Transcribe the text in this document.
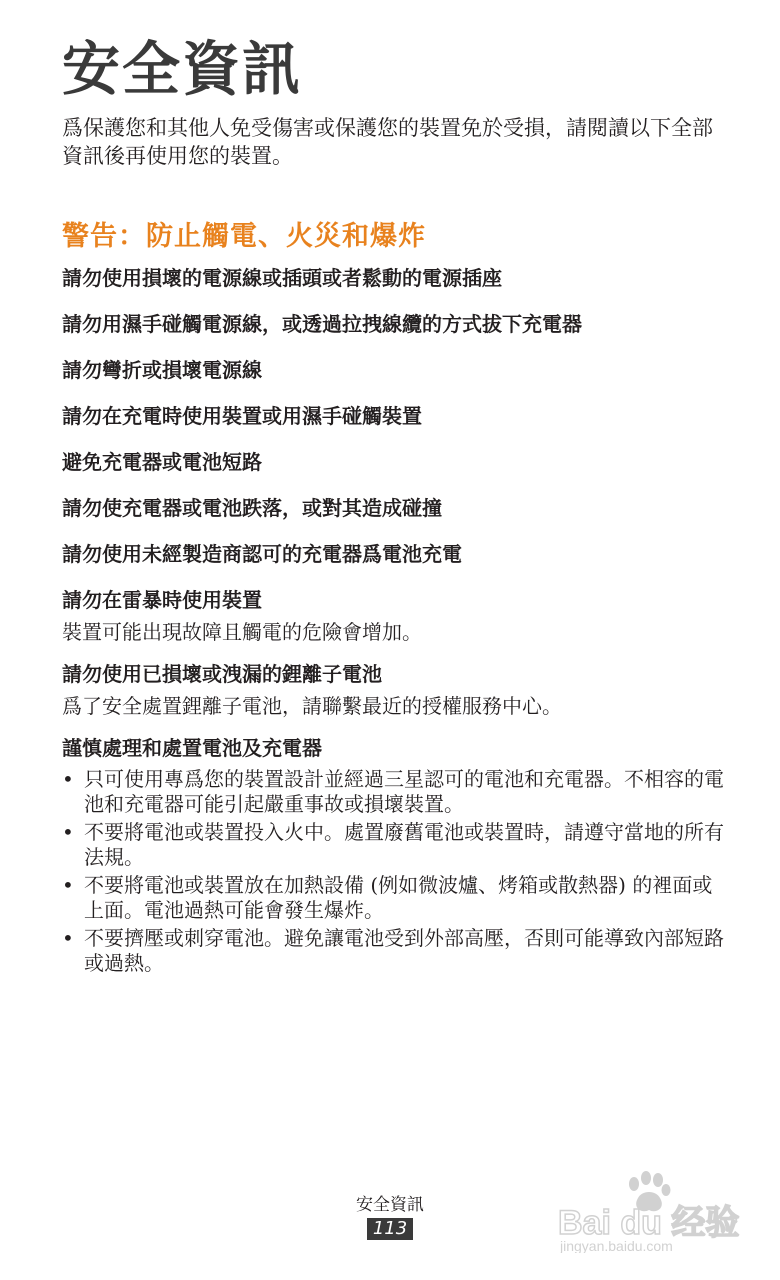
安全資訊

爲保護您和其他人免受傷害或保護您的裝置免於受損，請閱讀以下全部資訊後再使用您的裝置。

警告：防止觸電、火災和爆炸
請勿使用損壞的電源線或插頭或者鬆動的電源插座
請勿用濕手碰觸電源線，或透過拉拽線纜的方式拔下充電器
請勿彎折或損壞電源線
請勿在充電時使用裝置或用濕手碰觸裝置
避免充電器或電池短路
請勿使充電器或電池跌落，或對其造成碰撞
請勿使用未經製造商認可的充電器爲電池充電
請勿在雷暴時使用裝置

裝置可能出現故障且觸電的危險會增加。

請勿使用已損壞或洩漏的鋰離子電池

爲了安全處置鋰離子電池，請聯繫最近的授權服務中心。

謹慎處理和處置電池及充電器
• 只可使用專爲您的裝置設計並經過三星認可的電池和充電器。不相容的電池和充電器可能引起嚴重事故或損壞裝置。
• 不要將電池或裝置投入火中。處置廢舊電池或裝置時，請遵守當地的所有法規。
• 不要將電池或裝置放在加熱設備 (例如微波爐、烤箱或散熱器) 的裡面或上面。電池過熱可能會發生爆炸。
• 不要擠壓或刺穿電池。避免讓電池受到外部高壓，否則可能導致內部短路或過熱。
安全資訊
113	Bai du 经验
jingyan.baidu.com
